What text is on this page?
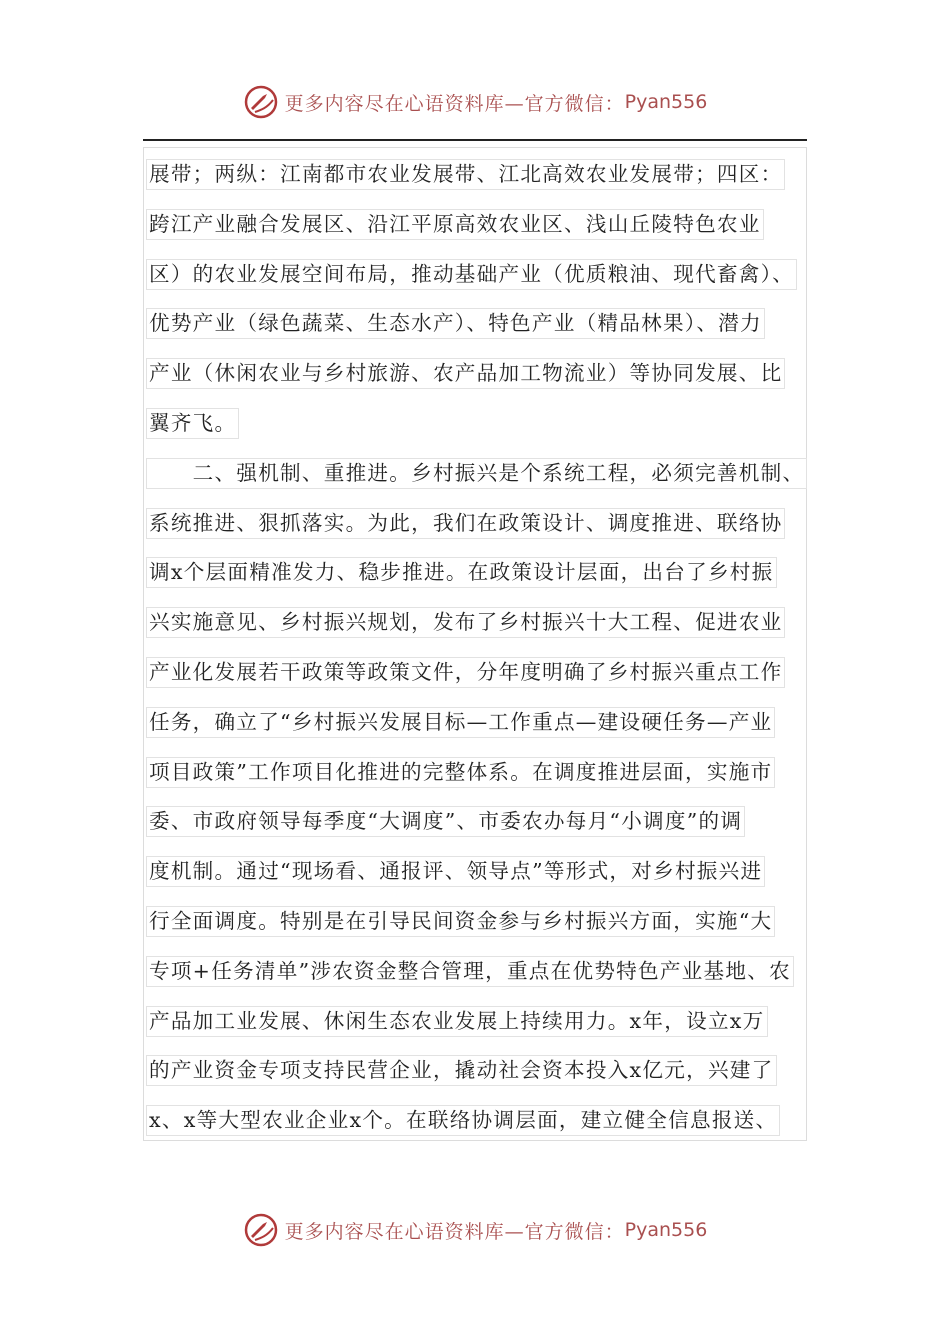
更多内容尽在心语资料库—官方微信： Pyan556
展带；两纵：江南都市农业发展带、江北高效农业发展带；四区：
跨江产业融合发展区、沿江平原高效农业区、浅山丘陵特色农业
区）的农业发展空间布局，推动基础产业（优质粮油、现代畜禽）、
优势产业（绿色蔬菜、生态水产）、特色产业（精品林果）、潜力
产业（休闲农业与乡村旅游、农产品加工物流业）等协同发展、比
翼齐飞。
　　二、强机制、重推进。乡村振兴是个系统工程，必须完善机制、
系统推进、狠抓落实。为此，我们在政策设计、调度推进、联络协
调x个层面精准发力、稳步推进。在政策设计层面，出台了乡村振
兴实施意见、乡村振兴规划，发布了乡村振兴十大工程、促进农业
产业化发展若干政策等政策文件，分年度明确了乡村振兴重点工作
任务，确立了“乡村振兴发展目标—工作重点—建设硬任务—产业
项目政策”工作项目化推进的完整体系。在调度推进层面，实施市
委、市政府领导每季度“大调度”、市委农办每月“小调度”的调
度机制。通过“现场看、通报评、领导点”等形式，对乡村振兴进
行全面调度。特别是在引导民间资金参与乡村振兴方面，实施“大
专项+任务清单”涉农资金整合管理，重点在优势特色产业基地、农
产品加工业发展、休闲生态农业发展上持续用力。x年，设立x万
的产业资金专项支持民营企业，撬动社会资本投入x亿元，兴建了
x、x等大型农业企业x个。在联络协调层面，建立健全信息报送、
更多内容尽在心语资料库—官方微信： Pyan556
